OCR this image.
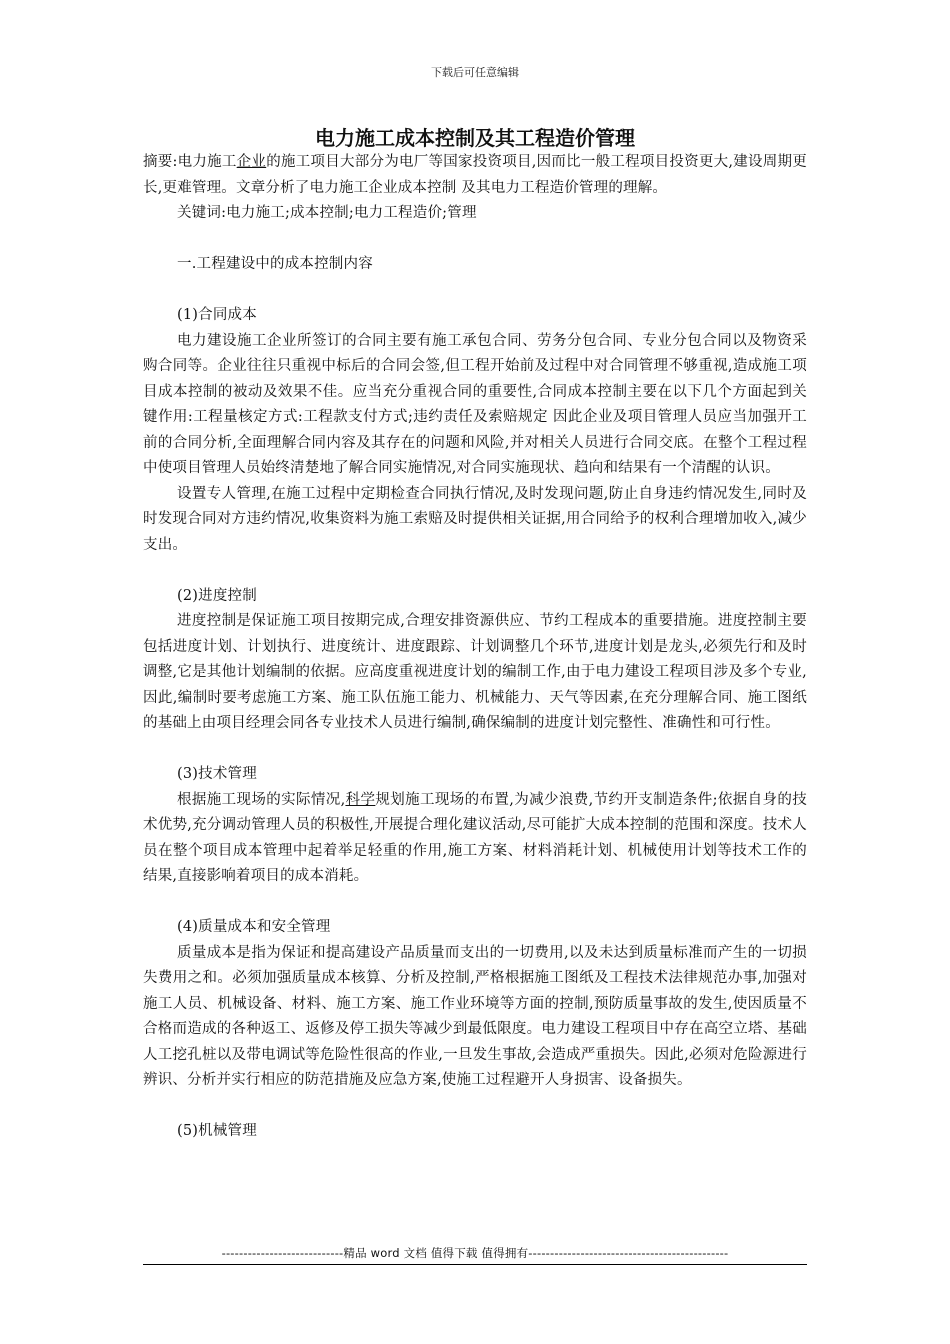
下载后可任意编辑
电力施工成本控制及其工程造价管理

摘要:电力施工企业的施工项目大部分为电厂等国家投资项目,因而比一般工程项目投资更大,建设周期更长,更难管理。文章分析了电力施工企业成本控制 及其电力工程造价管理的理解。

关键词:电力施工;成本控制;电力工程造价;管理

一.工程建设中的成本控制内容

(1)合同成本

电力建设施工企业所签订的合同主要有施工承包合同、劳务分包合同、专业分包合同以及物资采购合同等。企业往往只重视中标后的合同会签,但工程开始前及过程中对合同管理不够重视,造成施工项目成本控制的被动及效果不佳。应当充分重视合同的重要性,合同成本控制主要在以下几个方面起到关键作用:工程量核定方式:工程款支付方式;违约责任及索赔规定 因此企业及项目管理人员应当加强开工前的合同分析,全面理解合同内容及其存在的问题和风险,并对相关人员进行合同交底。在整个工程过程中使项目管理人员始终清楚地了解合同实施情况,对合同实施现状、趋向和结果有一个清醒的认识。

设置专人管理,在施工过程中定期检查合同执行情况,及时发现问题,防止自身违约情况发生,同时及时发现合同对方违约情况,收集资料为施工索赔及时提供相关证据,用合同给予的权利合理增加收入,减少支出。

(2)进度控制

进度控制是保证施工项目按期完成,合理安排资源供应、节约工程成本的重要措施。进度控制主要包括进度计划、计划执行、进度统计、进度跟踪、计划调整几个环节,进度计划是龙头,必须先行和及时调整,它是其他计划编制的依据。应高度重视进度计划的编制工作,由于电力建设工程项目涉及多个专业,因此,编制时要考虑施工方案、施工队伍施工能力、机械能力、天气等因素,在充分理解合同、施工图纸的基础上由项目经理会同各专业技术人员进行编制,确保编制的进度计划完整性、准确性和可行性。

(3)技术管理

根据施工现场的实际情况,科学规划施工现场的布置,为减少浪费,节约开支制造条件;依据自身的技术优势,充分调动管理人员的积极性,开展提合理化建议活动,尽可能扩大成本控制的范围和深度。技术人员在整个项目成本管理中起着举足轻重的作用,施工方案、材料消耗计划、机械使用计划等技术工作的结果,直接影响着项目的成本消耗。

(4)质量成本和安全管理

质量成本是指为保证和提高建设产品质量而支出的一切费用,以及未达到质量标准而产生的一切损失费用之和。必须加强质量成本核算、分析及控制,严格根据施工图纸及工程技术法律规范办事,加强对施工人员、机械设备、材料、施工方案、施工作业环境等方面的控制,预防质量事故的发生,使因质量不合格而造成的各种返工、返修及停工损失等减少到最低限度。电力建设工程项目中存在高空立塔、基础人工挖孔桩以及带电调试等危险性很高的作业,一旦发生事故,会造成严重损失。因此,必须对危险源进行辨识、分析并实行相应的防范措施及应急方案,使施工过程避开人身损害、设备损失。

(5)机械管理

----------------------------精品 word 文档 值得下载 值得拥有----------------------------------------------
